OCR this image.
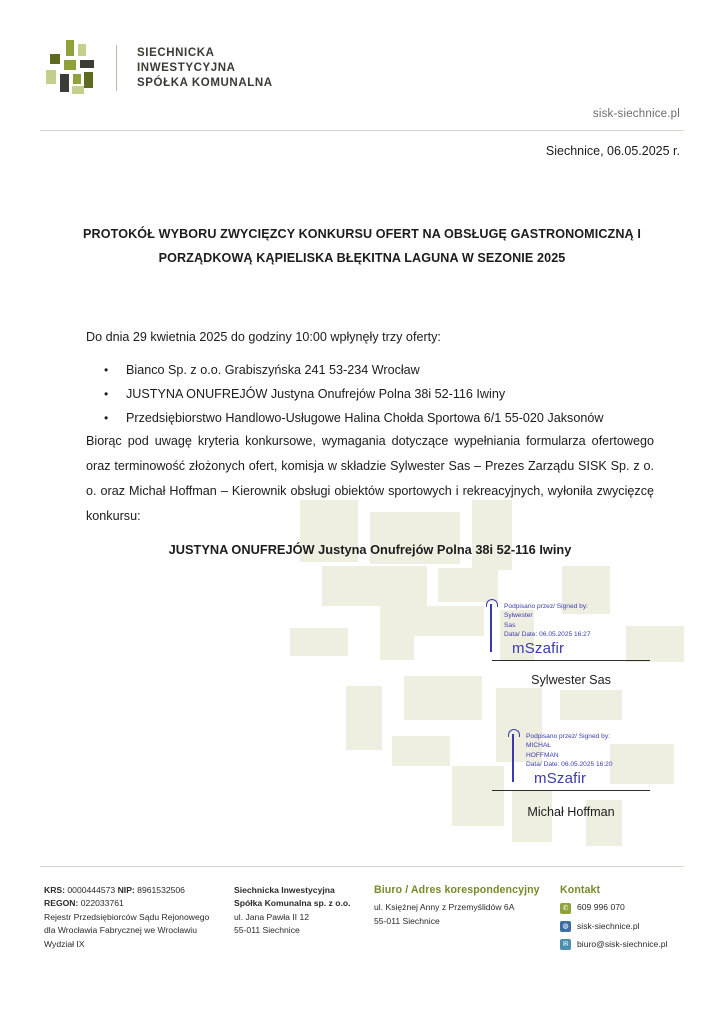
SIECHNICKA
INWESTYCYJNA
SPÓŁKA KOMUNALNA
sisk-siechnice.pl
Siechnice, 06.05.2025 r.
PROTOKÓŁ WYBORU ZWYCIĘZCY KONKURSU OFERT NA OBSŁUGĘ GASTRONOMICZNĄ I
PORZĄDKOWĄ KĄPIELISKA BŁĘKITNA LAGUNA W SEZONIE 2025
Do dnia 29 kwietnia 2025 do godziny 10:00 wpłynęły trzy oferty:
• Bianco Sp. z o.o. Grabiszyńska 241 53-234 Wrocław
• JUSTYNA ONUFREJÓW Justyna Onufrejów Polna 38i 52-116 Iwiny
• Przedsiębiorstwo Handlowo-Usługowe Halina Chołda Sportowa 6/1 55-020 Jaksonów
Biorąc pod uwagę kryteria konkursowe, wymagania dotyczące wypełniania formularza ofertowego oraz terminowość złożonych ofert, komisja w składzie Sylwester Sas – Prezes Zarządu SISK Sp. z o. o. oraz Michał Hoffman – Kierownik obsługi obiektów sportowych i rekreacyjnych, wyłoniła zwycięzcę konkursu:
JUSTYNA ONUFREJÓW Justyna Onufrejów Polna 38i 52-116 Iwiny
Podpisano przez/ Signed by:
Sylwester
Sas
Data/ Date: 06.05.2025 16:27
mSzafir
Sylwester Sas
Podpisano przez/ Signed by:
MICHAŁ
HOFFMAN
Data/ Date: 06.05.2025 16:20
mSzafir
Michał Hoffman
KRS: 0000444573 NIP: 8961532506
REGON: 022033761
Rejestr Przedsiębiorców Sądu Rejonowego
dla Wrocławia Fabrycznej we Wrocławiu
Wydział IX
Siechnicka Inwestycyjna
Spółka Komunalna sp. z o.o.
ul. Jana Pawła II 12
55-011 Siechnice
Biuro / Adres korespondencyjny
ul. Księżnej Anny z Przemyślidów 6A
55-011 Siechnice
Kontakt
✆ 609 996 070
◍ sisk-siechnice.pl
✉ biuro@sisk-siechnice.pl
